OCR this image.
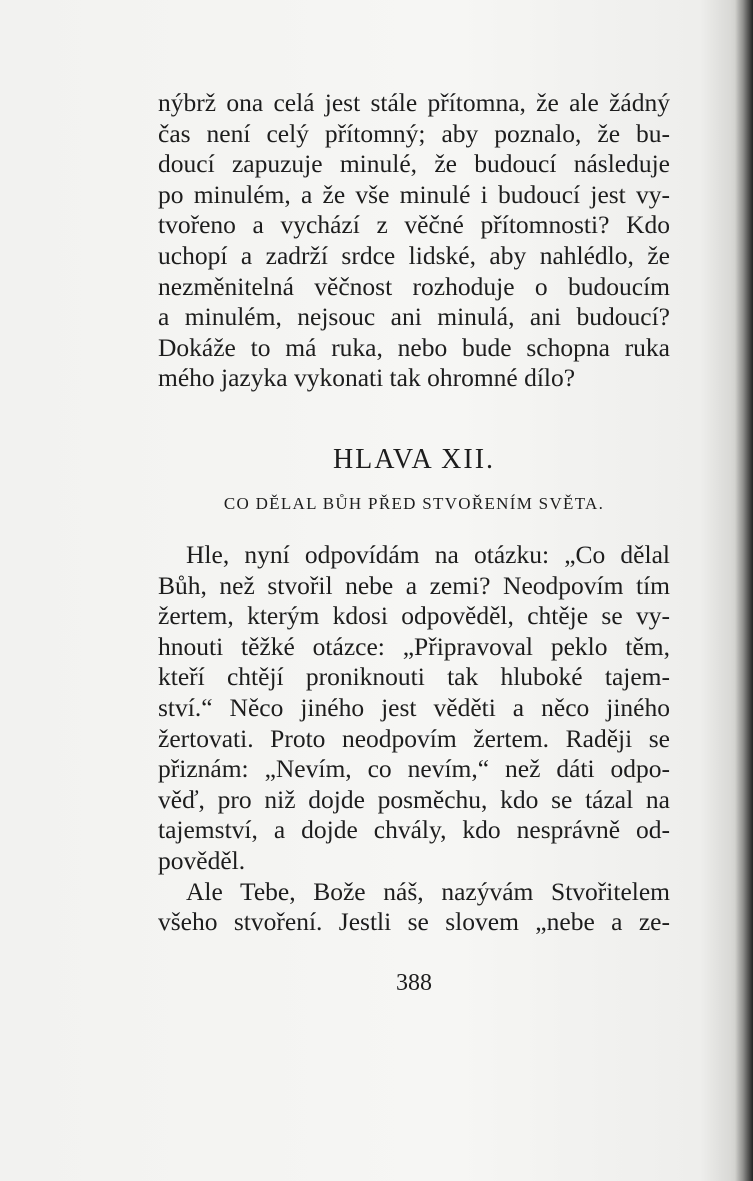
nýbrž ona celá jest stále přítomna, že ale žádný
čas není celý přítomný; aby poznalo, že bu-
doucí zapuzuje minulé, že budoucí následuje
po minulém, a že vše minulé i budoucí jest vy-
tvořeno a vychází z věčné přítomnosti? Kdo
uchopí a zadrží srdce lidské, aby nahlédlo, že
nezměnitelná věčnost rozhoduje o budoucím
a minulém, nejsouc ani minulá, ani budoucí?
Dokáže to má ruka, nebo bude schopna ruka
mého jazyka vykonati tak ohromné dílo?

HLAVA XII.
CO DĚLAL BŮH PŘED STVOŘENÍM SVĚTA.

Hle, nyní odpovídám na otázku: „Co dělal
Bůh, než stvořil nebe a zemi? Neodpovím tím
žertem, kterým kdosi odpověděl, chtěje se vy-
hnouti těžké otázce: „Připravoval peklo těm,
kteří chtějí proniknouti tak hluboké tajem-
ství.“ Něco jiného jest věděti a něco jiného
žertovati. Proto neodpovím žertem. Raději se
přiznám: „Nevím, co nevím,“ než dáti odpo-
věď, pro niž dojde posměchu, kdo se tázal na
tajemství, a dojde chvály, kdo nesprávně od-
pověděl.

Ale Tebe, Bože náš, nazývám Stvořitelem
všeho stvoření. Jestli se slovem „nebe a ze-

388
